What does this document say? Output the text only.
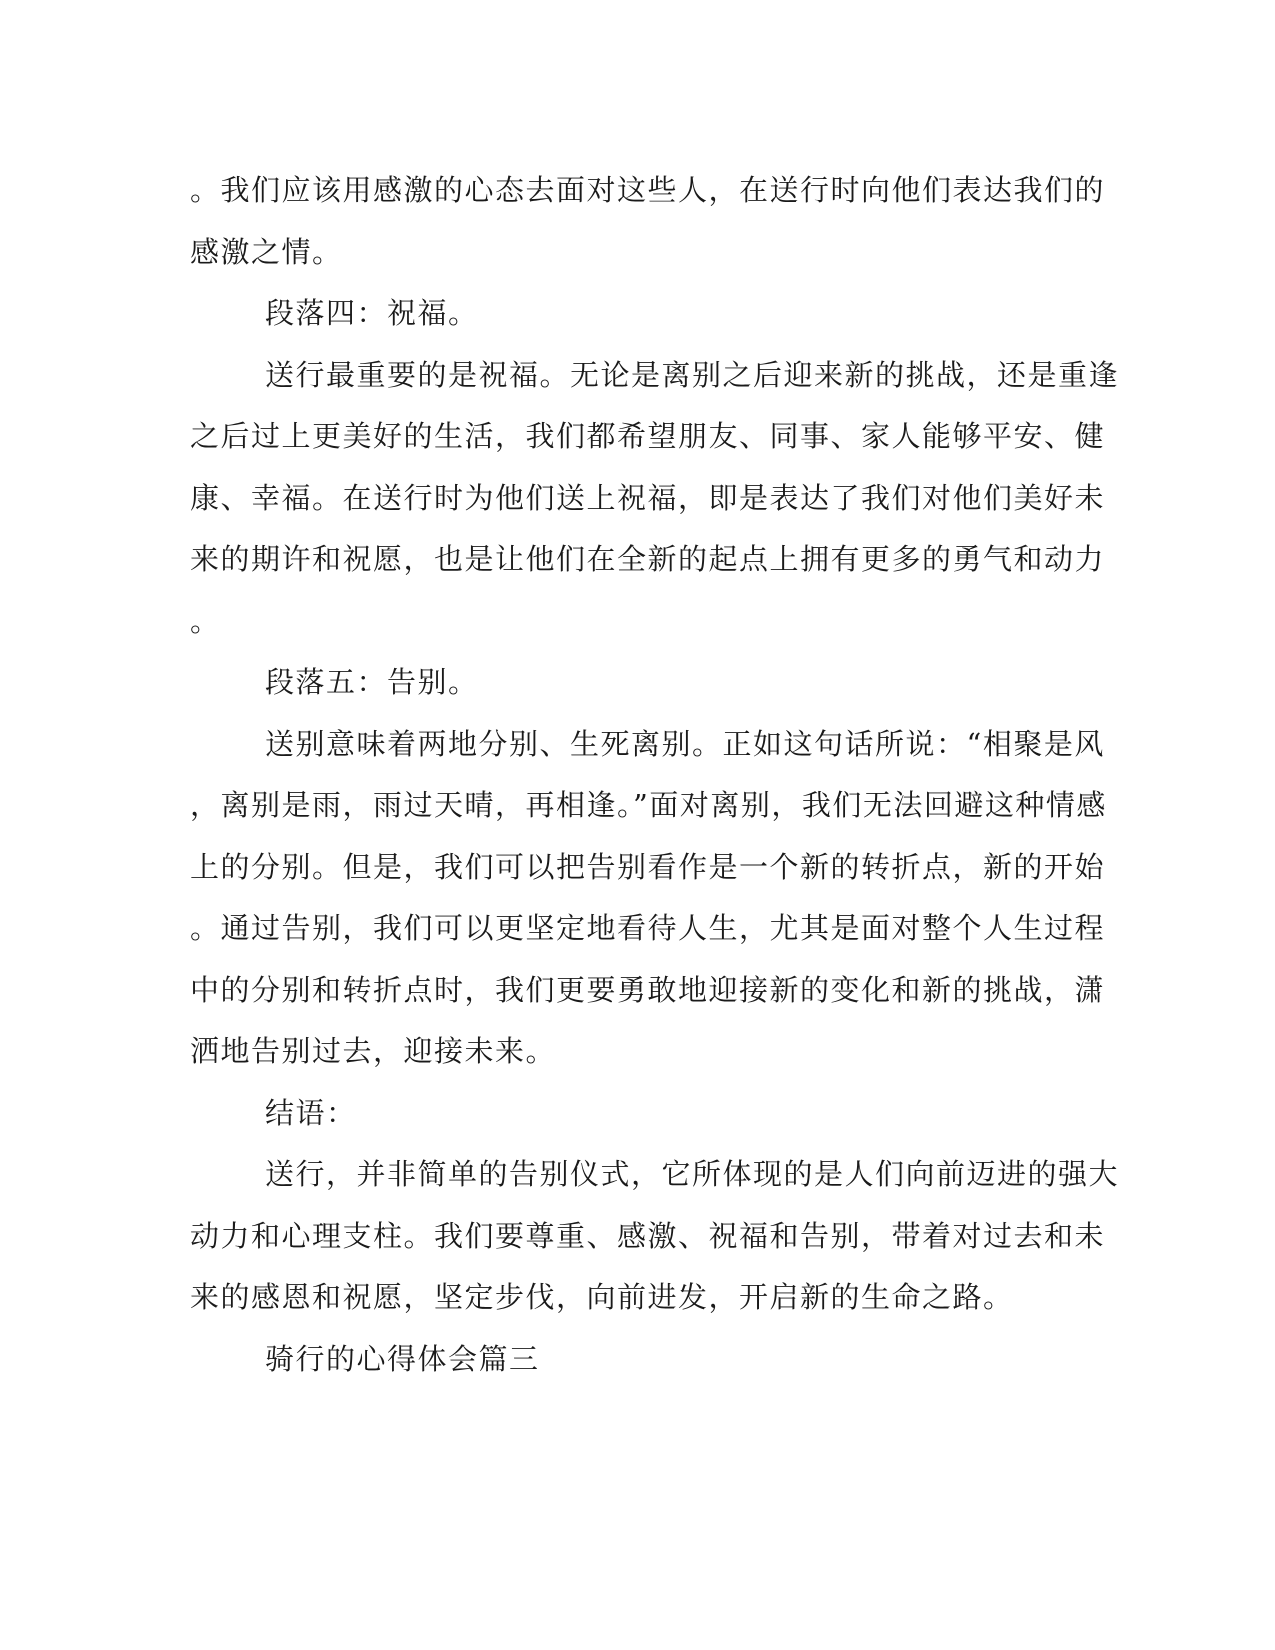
。我们应该用感激的心态去面对这些人，在送行时向他们表达我们的
感激之情。
段落四：祝福。
送行最重要的是祝福。无论是离别之后迎来新的挑战，还是重逢
之后过上更美好的生活，我们都希望朋友、同事、家人能够平安、健
康、幸福。在送行时为他们送上祝福，即是表达了我们对他们美好未
来的期许和祝愿，也是让他们在全新的起点上拥有更多的勇气和动力
。
段落五：告别。
送别意味着两地分别、生死离别。正如这句话所说：“相聚是风
，离别是雨，雨过天晴，再相逢。”面对离别，我们无法回避这种情感
上的分别。但是，我们可以把告别看作是一个新的转折点，新的开始
。通过告别，我们可以更坚定地看待人生，尤其是面对整个人生过程
中的分别和转折点时，我们更要勇敢地迎接新的变化和新的挑战，潇
洒地告别过去，迎接未来。
结语：
送行，并非简单的告别仪式，它所体现的是人们向前迈进的强大
动力和心理支柱。我们要尊重、感激、祝福和告别，带着对过去和未
来的感恩和祝愿，坚定步伐，向前进发，开启新的生命之路。
骑行的心得体会篇三
